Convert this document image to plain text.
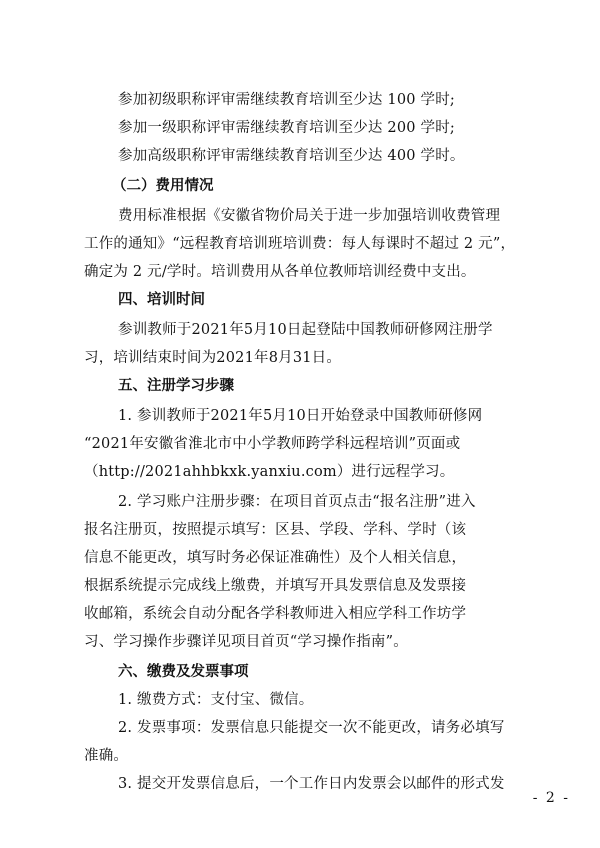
参加初级职称评审需继续教育培训至少达 100 学时;
参加一级职称评审需继续教育培训至少达 200 学时;
参加高级职称评审需继续教育培训至少达 400 学时。
（二）费用情况
费用标准根据《安徽省物价局关于进一步加强培训收费管理
工作的通知》“远程教育培训班培训费：每人每课时不超过 2 元”，
确定为 2 元/学时。培训费用从各单位教师培训经费中支出。
四、培训时间
参训教师于2021年5月10日起登陆中国教师研修网注册学
习，培训结束时间为2021年8月31日。
五、注册学习步骤
1. 参训教师于2021年5月10日开始登录中国教师研修网
“2021年安徽省淮北市中小学教师跨学科远程培训”页面或
（http://2021ahhbkxk.yanxiu.com）进行远程学习。
2. 学习账户注册步骤：在项目首页点击“报名注册”进入
报名注册页，按照提示填写：区县、学段、学科、学时（该
信息不能更改，填写时务必保证准确性）及个人相关信息，
根据系统提示完成线上缴费，并填写开具发票信息及发票接
收邮箱，系统会自动分配各学科教师进入相应学科工作坊学
习、学习操作步骤详见项目首页“学习操作指南”。
六、缴费及发票事项
1. 缴费方式：支付宝、微信。
2. 发票事项：发票信息只能提交一次不能更改，请务必填写
准确。
3. 提交开发票信息后，一个工作日内发票会以邮件的形式发
- 2 -
